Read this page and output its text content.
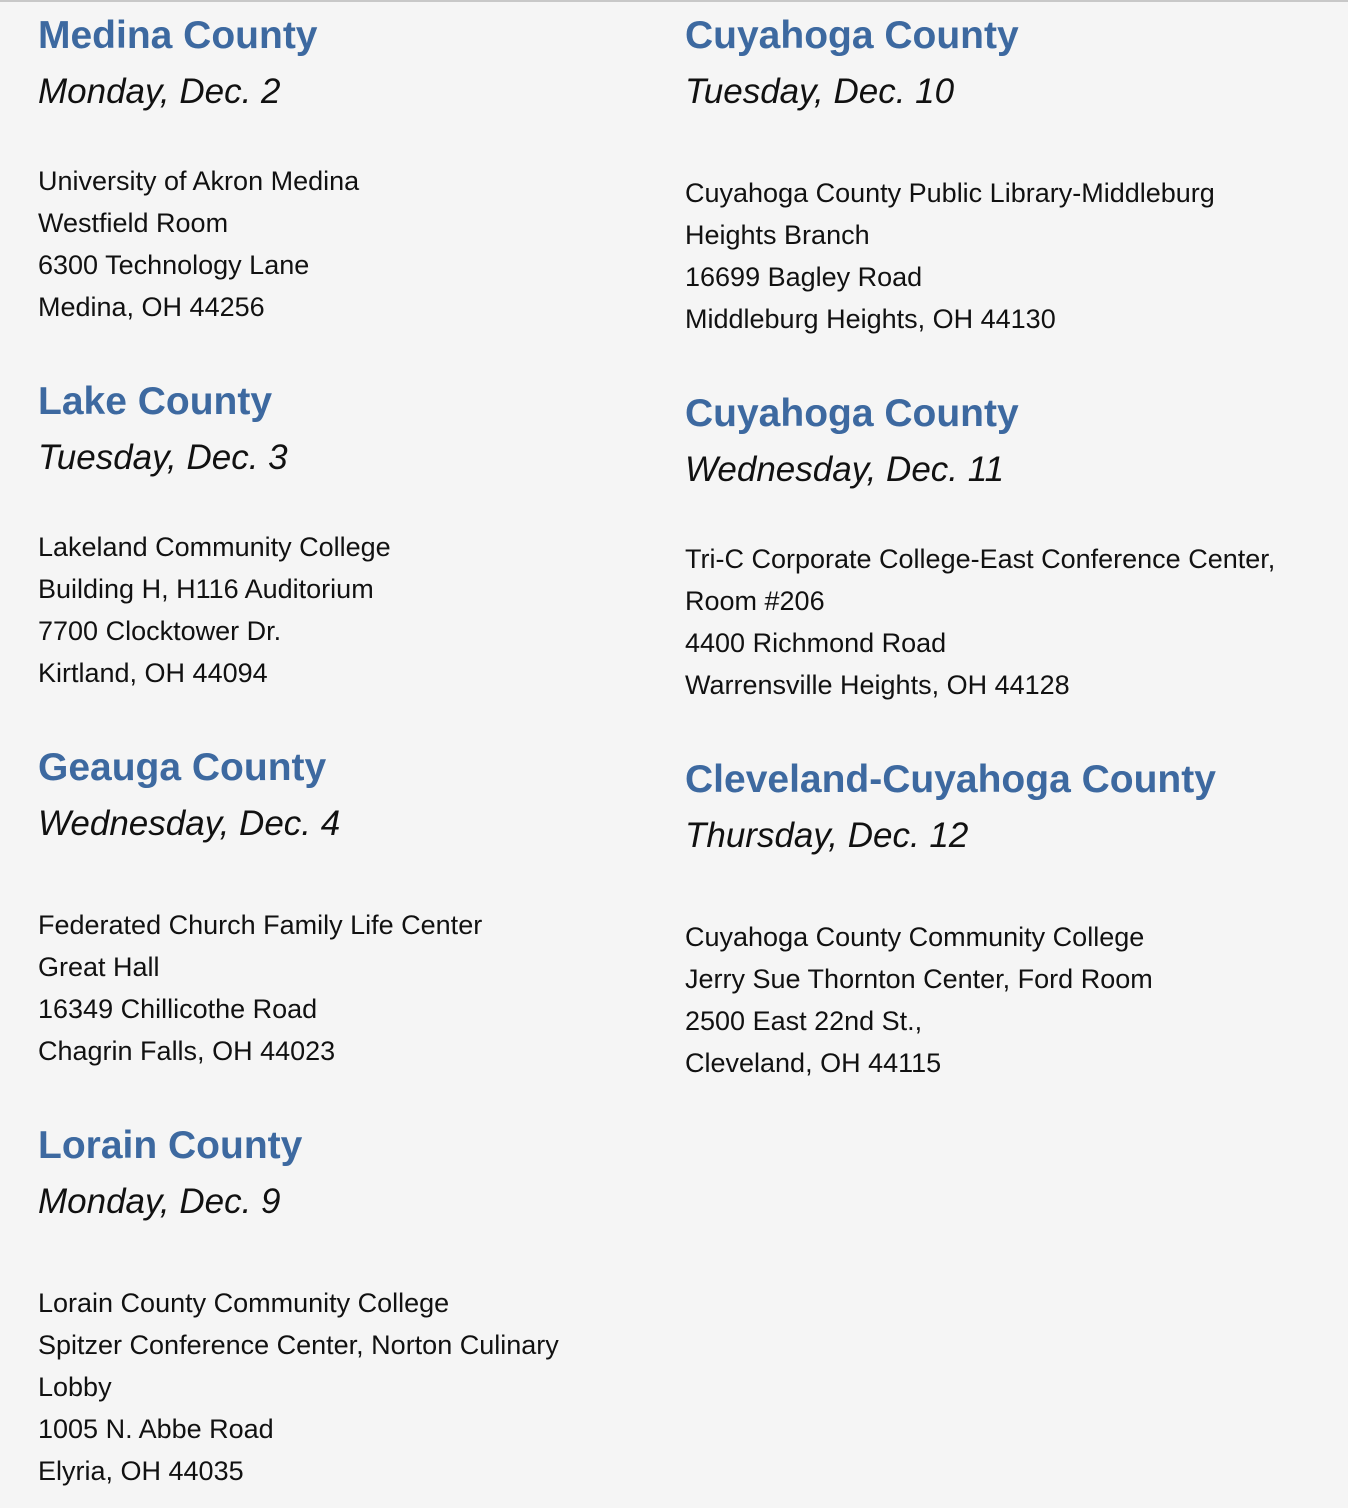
Medina County

Monday, Dec. 2

University of Akron Medina
Westfield Room
6300 Technology Lane
Medina, OH 44256
Lake County

Tuesday, Dec. 3

Lakeland Community College
Building H, H116 Auditorium
7700 Clocktower Dr.
Kirtland, OH 44094
Geauga County

Wednesday, Dec. 4

Federated Church Family Life Center
Great Hall
16349 Chillicothe Road
Chagrin Falls, OH 44023
Lorain County

Monday, Dec. 9

Lorain County Community College
Spitzer Conference Center, Norton Culinary
Lobby
1005 N. Abbe Road
Elyria, OH 44035
Cuyahoga County

Tuesday, Dec. 10

Cuyahoga County Public Library-Middleburg
Heights Branch
16699 Bagley Road
Middleburg Heights, OH 44130
Cuyahoga County

Wednesday, Dec. 11

Tri-C Corporate College-East Conference Center,
Room #206
4400 Richmond Road
Warrensville Heights, OH 44128
Cleveland-Cuyahoga County

Thursday, Dec. 12

Cuyahoga County Community College
Jerry Sue Thornton Center, Ford Room
2500 East 22nd St.,
Cleveland, OH 44115
